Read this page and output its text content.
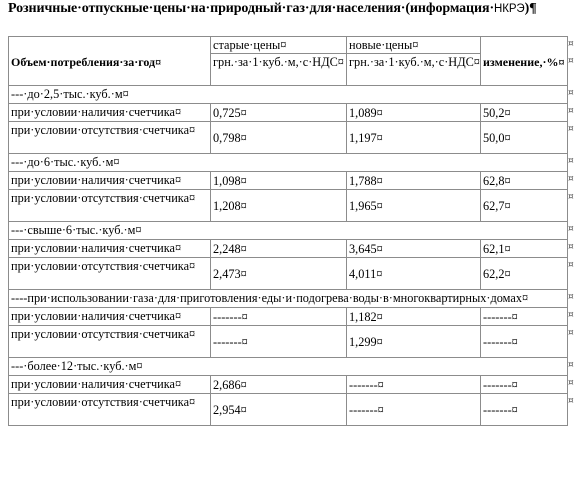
Розничные·отпускные·цены·на·природный·газ·для·населения·(информация·НКРЭ)¶
Объем·потребления·за·год¤	старые·цены¤	новые·цены¤	изменение,·%¤
	грн.·за·1·куб.·м,·с·НДС¤	грн.·за·1·куб.·м,·с·НДС¤	
---·до·2,5·тыс.·куб.·м¤			
при·условии·наличия·счетчика¤	0,725¤	1,089¤	50,2¤
при·условии·отсутствия·счетчика¤	0,798¤	1,197¤	50,0¤
---·до·6·тыс.·куб.·м¤			
при·условии·наличия·счетчика¤	1,098¤	1,788¤	62,8¤
при·условии·отсутствия·счетчика¤	1,208¤	1,965¤	62,7¤
---·свыше·6·тыс.·куб.·м¤			
при·условии·наличия·счетчика¤	2,248¤	3,645¤	62,1¤
при·условии·отсутствия·счетчика¤	2,473¤	4,011¤	62,2¤
----при·использовании·газа·для·приготовления·еды·и·подогрева·воды·в·многоквартирных·домах¤			
при·условии·наличия·счетчика¤	-------¤	1,182¤	-------¤
при·условии·отсутствия·счетчика¤	-------¤	1,299¤	-------¤
---·более·12·тыс.·куб.·м¤			
при·условии·наличия·счетчика¤	2,686¤	-------¤	-------¤
при·условии·отсутствия·счетчика¤	2,954¤	-------¤	-------¤
¤
¤
¤
¤
¤
¤
¤
¤
¤
¤
¤
¤
¤
¤
¤
¤
¤
